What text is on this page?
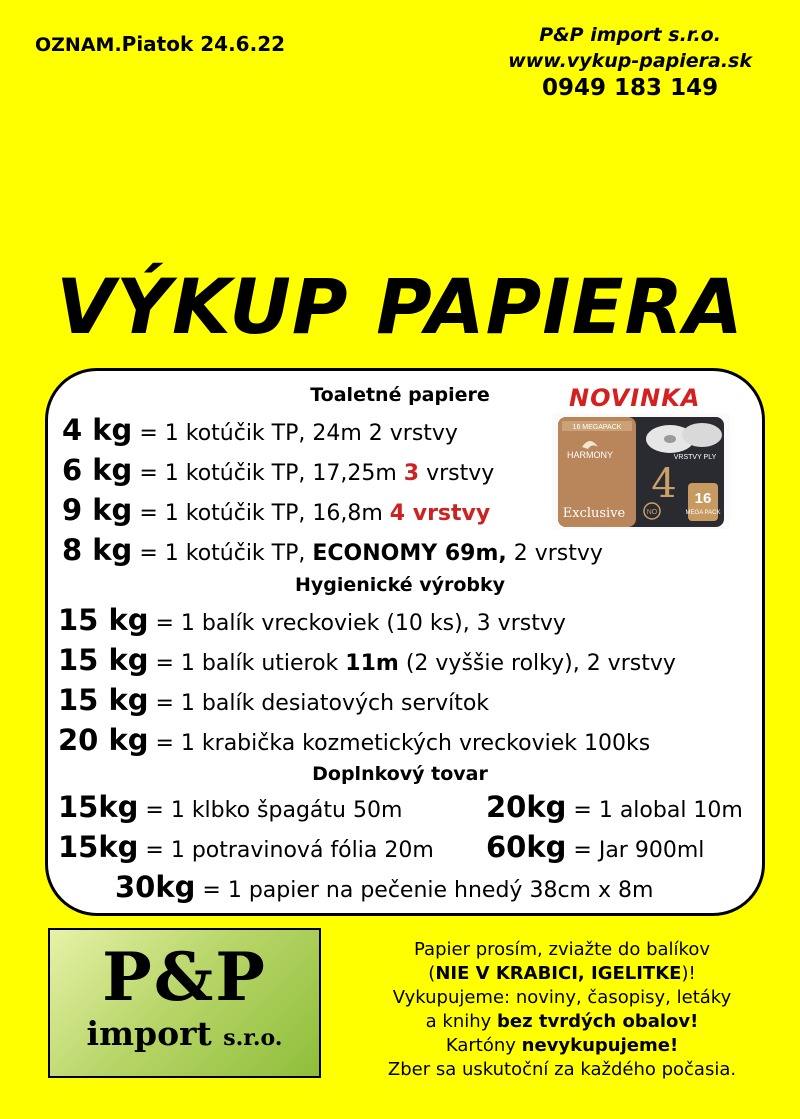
OZNAM.Piatok 24.6.22	P&P import s.r.o.
www.vykup-papiera.sk
0949 183 149
VÝKUP PAPIERA
Toaletné papiere
4 kg = 1 kotúčik TP, 24m 2 vrstvy
6 kg = 1 kotúčik TP, 17,25m 3 vrstvy
9 kg = 1 kotúčik TP, 16,8m 4 vrstvy
8 kg = 1 kotúčik TP, ECONOMY 69m, 2 vrstvy
Hygienické výrobky
15 kg = 1 balík vreckoviek (10 ks), 3 vrstvy
15 kg = 1 balík utierok 11m (2 vyššie rolky), 2 vrstvy
15 kg = 1 balík desiatových servítok
20 kg = 1 krabička kozmetických vreckoviek 100ks
Doplnkový tovar
15kg = 1 klbko špagátu 50m	20kg = 1 alobal 10m
15kg = 1 potravinová fólia 20m 60kg = Jar 900ml
30kg = 1 papier na pečenie hnedý 38cm x 8m
NOVINKA
16 MEGAPACK
HARMONY
Exclusive
VRSTVY PLY
4 16
MEGA PACK
NO
P&P
import s.r.o.
Papier prosím, zviažte do balíkov
(NIE V KRABICI, IGELITKE)!
Vykupujeme: noviny, časopisy, letáky
a knihy bez tvrdých obalov!
Kartóny nevykupujeme!
Zber sa uskutoční za každého počasia.
